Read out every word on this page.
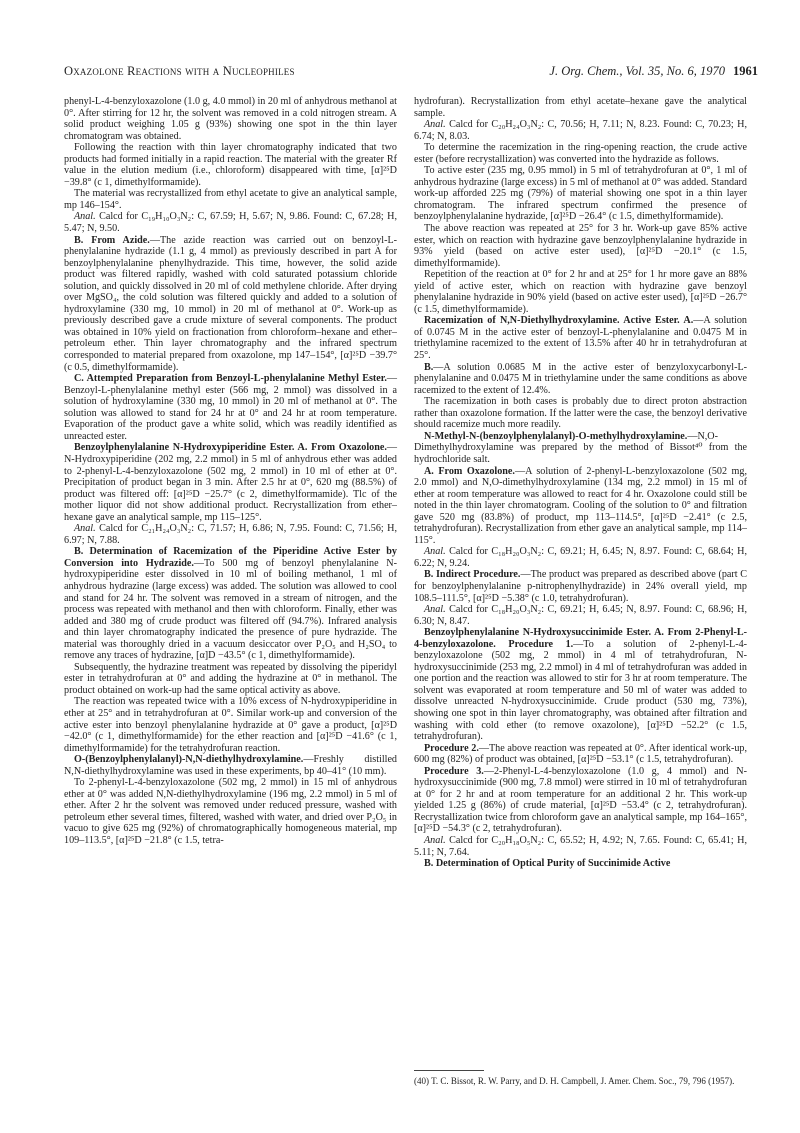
Oxazolone Reactions with α Nucleophiles	J. Org. Chem., Vol. 35, No. 6, 1970 1961

phenyl-L-4-benzyloxazolone (1.0 g, 4.0 mmol) in 20 ml of anhydrous methanol at 0°. After stirring for 12 hr, the solvent was removed in a cold nitrogen stream. A solid product weighing 1.05 g (93%) showing one spot in the thin layer chromatogram was obtained.

Following the reaction with thin layer chromatography indicated that two products had formed initially in a rapid reaction. The material with the greater Rf value in the elution medium (i.e., chloroform) disappeared with time, [α]²⁵D −39.8° (c 1, dimethylformamide).

The material was recrystallized from ethyl acetate to give an analytical sample, mp 146–154°.

Anal. Calcd for C₁₉H₁₀O₃N₂: C, 67.59; H, 5.67; N, 9.86. Found: C, 67.28; H, 5.47; N, 9.50.

B. From Azide.—The azide reaction was carried out on benzoyl-L-phenylalanine hydrazide (1.1 g, 4 mmol) as previously described in part A for benzoylphenylalanine phenylhydrazide. This time, however, the solid azide product was filtered rapidly, washed with cold saturated potassium chloride solution, and quickly dissolved in 20 ml of cold methylene chloride. After drying over MgSO₄, the cold solution was filtered quickly and added to a solution of hydroxylamine (330 mg, 10 mmol) in 20 ml of methanol at 0°. Work-up as previously described gave a crude mixture of several components. The product was obtained in 10% yield on fractionation from chloroform–hexane and ether–petroleum ether. Thin layer chromatography and the infrared spectrum corresponded to material prepared from oxazolone, mp 147–154°, [α]²⁵D −39.7° (c 0.5, dimethylformamide).

C. Attempted Preparation from Benzoyl-L-phenylalanine Methyl Ester.—Benzoyl-L-phenylalanine methyl ester (566 mg, 2 mmol) was dissolved in a solution of hydroxylamine (330 mg, 10 mmol) in 20 ml of methanol at 0°. The solution was allowed to stand for 24 hr at 0° and 24 hr at room temperature. Evaporation of the product gave a white solid, which was readily identified as unreacted ester.

Benzoylphenylalanine N-Hydroxypiperidine Ester. A. From Oxazolone.—N-Hydroxypiperidine (202 mg, 2.2 mmol) in 5 ml of anhydrous ether was added to 2-phenyl-L-4-benzyloxazolone (502 mg, 2 mmol) in 10 ml of ether at 0°. Precipitation of product began in 3 min. After 2.5 hr at 0°, 620 mg (88.5%) of product was filtered off: [α]²⁵D −25.7° (c 2, dimethylformamide). Tlc of the mother liquor did not show additional product. Recrystallization from ether–hexane gave an analytical sample, mp 115–125°.

Anal. Calcd for C₂₁H₂₄O₃N₂: C, 71.57; H, 6.86; N, 7.95. Found: C, 71.56; H, 6.97; N, 7.88.

B. Determination of Racemization of the Piperidine Active Ester by Conversion into Hydrazide.—To 500 mg of benzoyl phenylalanine N-hydroxypiperidine ester dissolved in 10 ml of boiling methanol, 1 ml of anhydrous hydrazine (large excess) was added. The solution was allowed to cool and stand for 24 hr. The solvent was removed in a stream of nitrogen, and the process was repeated with methanol and then with chloroform. Finally, ether was added and 380 mg of crude product was filtered off (94.7%). Infrared analysis and thin layer chromatography indicated the presence of pure hydrazide. The material was thoroughly dried in a vacuum desiccator over P₂O₅ and H₂SO₄ to remove any traces of hydrazine, [α]D −43.5° (c 1, dimethylformamide).

Subsequently, the hydrazine treatment was repeated by dissolving the piperidyl ester in tetrahydrofuran at 0° and adding the hydrazine at 0° in methanol. The product obtained on work-up had the same optical activity as above.

The reaction was repeated twice with a 10% excess of N-hydroxypiperidine in ether at 25° and in tetrahydrofuran at 0°. Similar work-up and conversion of the active ester into benzoyl phenylalanine hydrazide at 0° gave a product, [α]²⁵D −42.0° (c 1, dimethylformamide) for the ether reaction and [α]²⁵D −41.6° (c 1, dimethylformamide) for the tetrahydrofuran reaction.

O-(Benzoylphenylalanyl)-N,N-diethylhydroxylamine.—Freshly distilled N,N-diethylhydroxylamine was used in these experiments, bp 40–41° (10 mm).

To 2-phenyl-L-4-benzyloxazolone (502 mg, 2 mmol) in 15 ml of anhydrous ether at 0° was added N,N-diethylhydroxylamine (196 mg, 2.2 mmol) in 5 ml of ether. After 2 hr the solvent was removed under reduced pressure, washed with petroleum ether several times, filtered, washed with water, and dried over P₂O₅ in vacuo to give 625 mg (92%) of chromatographically homogeneous material, mp 109–113.5°, [α]²⁵D −21.8° (c 1.5, tetra-

hydrofuran). Recrystallization from ethyl acetate–hexane gave the analytical sample.

Anal. Calcd for C₂₀H₂₄O₃N₂: C, 70.56; H, 7.11; N, 8.23. Found: C, 70.23; H, 6.74; N, 8.03.

To determine the racemization in the ring-opening reaction, the crude active ester (before recrystallization) was converted into the hydrazide as follows.

To active ester (235 mg, 0.95 mmol) in 5 ml of tetrahydrofuran at 0°, 1 ml of anhydrous hydrazine (large excess) in 5 ml of methanol at 0° was added. Standard work-up afforded 225 mg (79%) of material showing one spot in a thin layer chromatogram. The infrared spectrum confirmed the presence of benzoylphenylalanine hydrazide, [α]²⁵D −26.4° (c 1.5, dimethylformamide).

The above reaction was repeated at 25° for 3 hr. Work-up gave 85% active ester, which on reaction with hydrazine gave benzoylphenylalanine hydrazide in 93% yield (based on active ester used), [α]²⁵D −20.1° (c 1.5, dimethylformamide).

Repetition of the reaction at 0° for 2 hr and at 25° for 1 hr more gave an 88% yield of active ester, which on reaction with hydrazine gave benzoyl phenylalanine hydrazide in 90% yield (based on active ester used), [α]²⁵D −26.7° (c 1.5, dimethylformamide).

Racemization of N,N-Diethylhydroxylamine. Active Ester. A.—A solution of 0.0745 M in the active ester of benzoyl-L-phenylalanine and 0.0475 M in triethylamine racemized to the extent of 13.5% after 40 hr in tetrahydrofuran at 25°.

B.—A solution 0.0685 M in the active ester of benzyloxycarbonyl-L-phenylalanine and 0.0475 M in triethylamine under the same conditions as above racemized to the extent of 12.4%.

The racemization in both cases is probably due to direct proton abstraction rather than oxazolone formation. If the latter were the case, the benzoyl derivative should racemize much more readily.

N-Methyl-N-(benzoylphenylalanyl)-O-methylhydroxylamine.—N,O-Dimethylhydroxylamine was prepared by the method of Bissot⁴⁰ from the hydrochloride salt.

A. From Oxazolone.—A solution of 2-phenyl-L-benzyloxazolone (502 mg, 2.0 mmol) and N,O-dimethylhydroxylamine (134 mg, 2.2 mmol) in 15 ml of ether at room temperature was allowed to react for 4 hr. Oxazolone could still be noted in the thin layer chromatogram. Cooling of the solution to 0° and filtration gave 520 mg (83.8%) of product, mp 113–114.5°, [α]²⁵D −2.41° (c 2.5, tetrahydrofuran). Recrystallization from ether gave an analytical sample, mp 114–115°.

Anal. Calcd for C₁₈H₂₀O₃N₂: C, 69.21; H, 6.45; N, 8.97. Found: C, 68.64; H, 6.22; N, 9.24.

B. Indirect Procedure.—The product was prepared as described above (part C for benzoylphenylalanine p-nitrophenylhydrazide) in 24% overall yield, mp 108.5–111.5°, [α]²⁵D −5.38° (c 1.0, tetrahydrofuran).

Anal. Calcd for C₁₈H₂₀O₃N₂: C, 69.21; H, 6.45; N, 8.97. Found: C, 68.96; H, 6.30; N, 8.47.

Benzoylphenylalanine N-Hydroxysuccinimide Ester. A. From 2-Phenyl-L-4-benzyloxazolone. Procedure 1.—To a solution of 2-phenyl-L-4-benzyloxazolone (502 mg, 2 mmol) in 4 ml of tetrahydrofuran, N-hydroxysuccinimide (253 mg, 2.2 mmol) in 4 ml of tetrahydrofuran was added in one portion and the reaction was allowed to stir for 3 hr at room temperature. The solvent was evaporated at room temperature and 50 ml of water was added to dissolve unreacted N-hydroxysuccinimide. Crude product (530 mg, 73%), showing one spot in thin layer chromatography, was obtained after filtration and washing with cold ether (to remove oxazolone), [α]²⁵D −52.2° (c 1.5, tetrahydrofuran).

Procedure 2.—The above reaction was repeated at 0°. After identical work-up, 600 mg (82%) of product was obtained, [α]²⁵D −53.1° (c 1.5, tetrahydrofuran).

Procedure 3.—2-Phenyl-L-4-benzyloxazolone (1.0 g, 4 mmol) and N-hydroxysuccinimide (900 mg, 7.8 mmol) were stirred in 10 ml of tetrahydrofuran at 0° for 2 hr and at room temperature for an additional 2 hr. This work-up yielded 1.25 g (86%) of crude material, [α]²⁵D −53.4° (c 2, tetrahydrofuran). Recrystallization twice from chloroform gave an analytical sample, mp 164–165°, [α]²⁵D −54.3° (c 2, tetrahydrofuran).

Anal. Calcd for C₂₀H₁₈O₅N₂: C, 65.52; H, 4.92; N, 7.65. Found: C, 65.41; H, 5.11; N, 7.64.

B. Determination of Optical Purity of Succinimide Active

(40) T. C. Bissot, R. W. Parry, and D. H. Campbell, J. Amer. Chem. Soc., 79, 796 (1957).
